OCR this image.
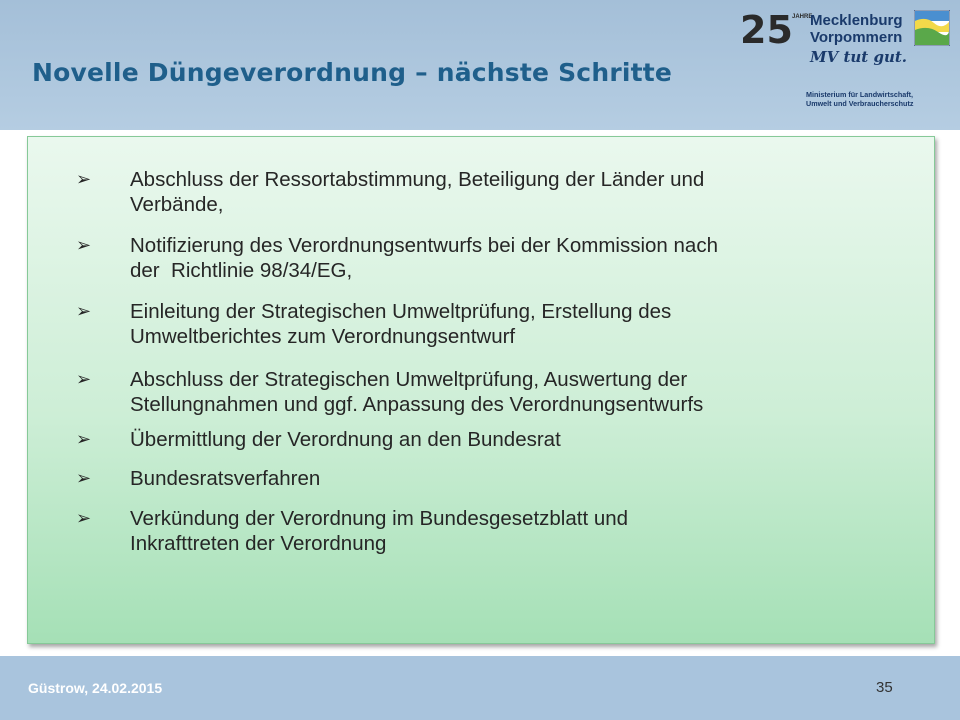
Novelle Düngeverordnung – nächste Schritte
25 JAHRE
Mecklenburg
Vorpommern
MV tut gut.
Ministerium für Landwirtschaft,
Umwelt und Verbraucherschutz
➢ Abschluss der Ressortabstimmung, Beteiligung der Länder und
Verbände,
➢ Notifizierung des Verordnungsentwurfs bei der Kommission nach
der  Richtlinie 98/34/EG,
➢ Einleitung der Strategischen Umweltprüfung, Erstellung des
Umweltberichtes zum Verordnungsentwurf
➢ Abschluss der Strategischen Umweltprüfung, Auswertung der
Stellungnahmen und ggf. Anpassung des Verordnungsentwurfs
➢ Übermittlung der Verordnung an den Bundesrat
➢ Bundesratsverfahren
➢ Verkündung der Verordnung im Bundesgesetzblatt und
Inkrafttreten der Verordnung
Güstrow, 24.02.2015	35
